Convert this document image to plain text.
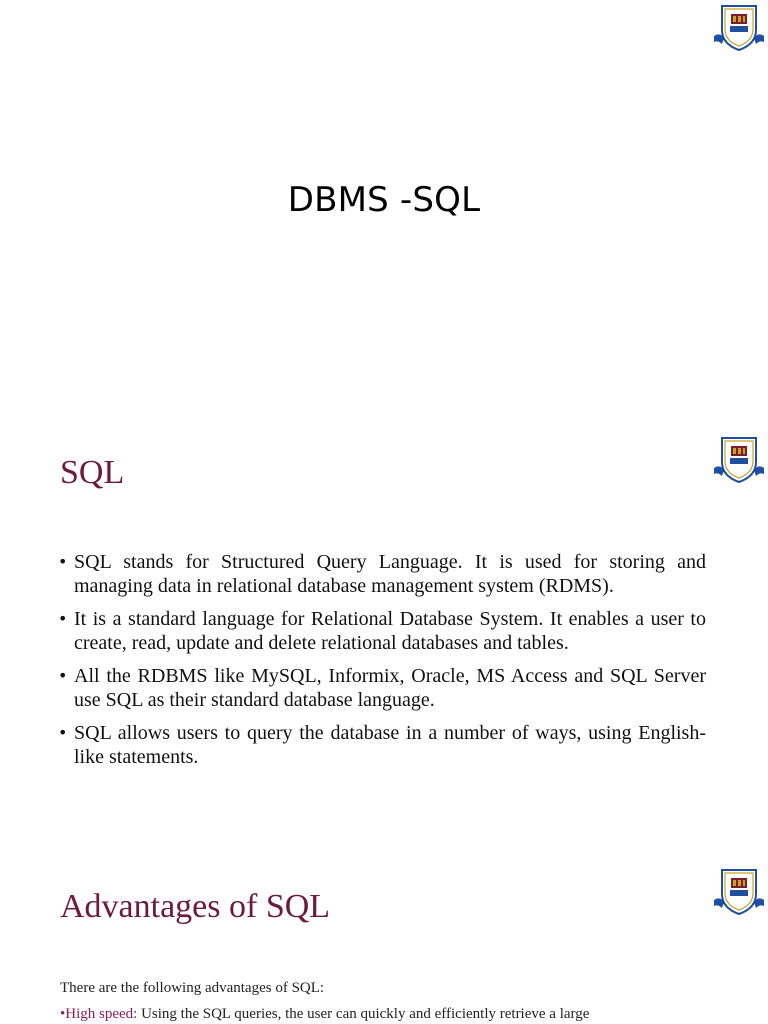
DBMS -SQL
SQL
• SQL stands for Structured Query Language. It is used for storing and managing data in relational database management system (RDMS).
• It is a standard language for Relational Database System. It enables a user to create, read, update and delete relational databases and tables.
• All the RDBMS like MySQL, Informix, Oracle, MS Access and SQL Server use SQL as their standard database language.
• SQL allows users to query the database in a number of ways, using English-like statements.
Advantages of SQL
There are the following advantages of SQL:
•High speed: Using the SQL queries, the user can quickly and efficiently retrieve a large
